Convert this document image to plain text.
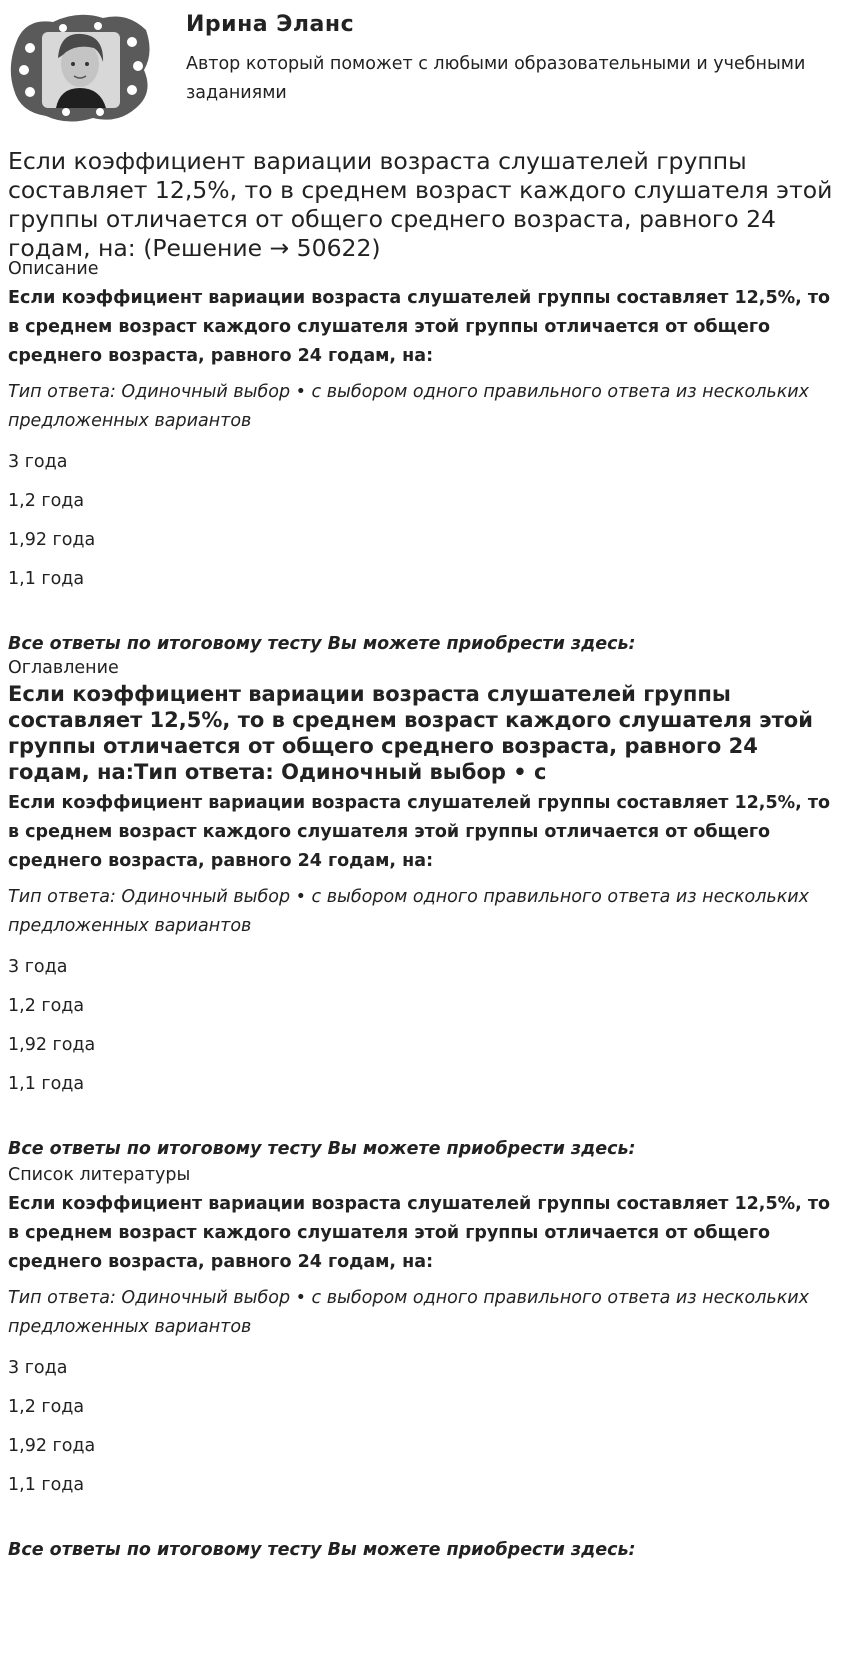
Ирина Эланс
Автор который поможет с любыми образовательными и учебными заданиями
Если коэффициент вариации возраста слушателей группы составляет 12,5%, то в среднем возраст каждого слушателя этой группы отличается от общего среднего возраста, равного 24 годам, на: (Решение → 50622)

Описание

Если коэффициент вариации возраста слушателей группы составляет 12,5%, то в среднем возраст каждого слушателя этой группы отличается от общего среднего возраста, равного 24 годам, на:

Тип ответа: Одиночный выбор • с выбором одного правильного ответа из нескольких предложенных вариантов

3 года
1,2 года
1,92 года
1,1 года

Все ответы по итоговому тесту Вы можете приобрести здесь:

Оглавление

Если коэффициент вариации возраста слушателей группы составляет 12,5%, то в среднем возраст каждого слушателя этой группы отличается от общего среднего возраста, равного 24 годам, на:Тип ответа: Одиночный выбор • с

Если коэффициент вариации возраста слушателей группы составляет 12,5%, то в среднем возраст каждого слушателя этой группы отличается от общего среднего возраста, равного 24 годам, на:

Тип ответа: Одиночный выбор • с выбором одного правильного ответа из нескольких предложенных вариантов

3 года
1,2 года
1,92 года
1,1 года

Все ответы по итоговому тесту Вы можете приобрести здесь:

Список литературы

Если коэффициент вариации возраста слушателей группы составляет 12,5%, то в среднем возраст каждого слушателя этой группы отличается от общего среднего возраста, равного 24 годам, на:

Тип ответа: Одиночный выбор • с выбором одного правильного ответа из нескольких предложенных вариантов

3 года
1,2 года
1,92 года
1,1 года

Все ответы по итоговому тесту Вы можете приобрести здесь:
